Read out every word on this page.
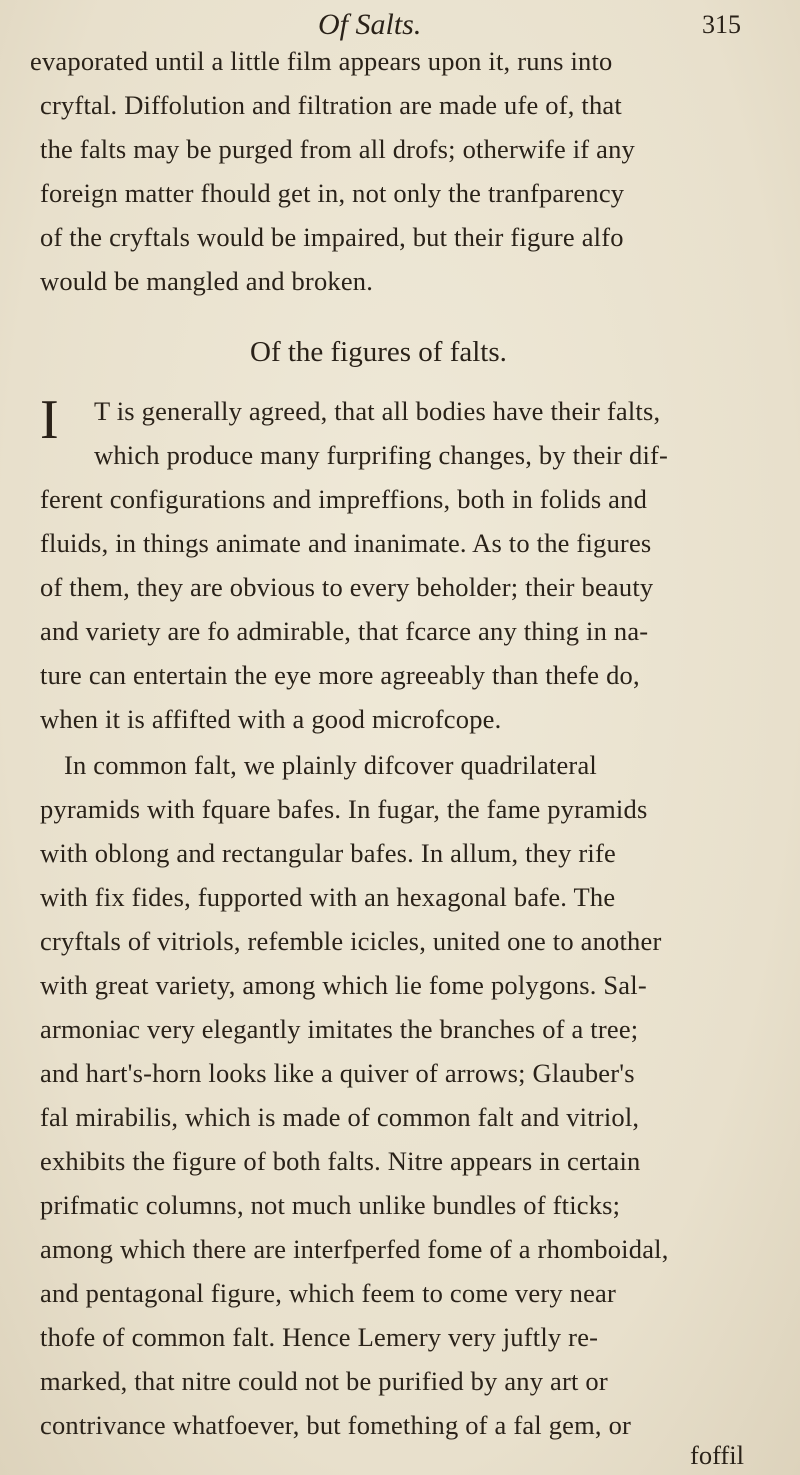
Of Salts.	315
evaporated until a little film appears upon it, runs into
cryftal. Diffolution and filtration are made ufe of, that
the falts may be purged from all drofs; otherwife if any
foreign matter fhould get in, not only the tranfparency
of the cryftals would be impaired, but their figure alfo
would be mangled and broken.
Of the figures of falts.
I T is generally agreed, that all bodies have their falts,
which produce many furprifing changes, by their dif-
ferent configurations and impreffions, both in folids and
fluids, in things animate and inanimate. As to the figures
of them, they are obvious to every beholder; their beauty
and variety are fo admirable, that fcarce any thing in na-
ture can entertain the eye more agreeably than thefe do,
when it is affifted with a good microfcope.
In common falt, we plainly difcover quadrilateral
pyramids with fquare bafes. In fugar, the fame pyramids
with oblong and rectangular bafes. In allum, they rife
with fix fides, fupported with an hexagonal bafe. The
cryftals of vitriols, refemble icicles, united one to another
with great variety, among which lie fome polygons. Sal-
armoniac very elegantly imitates the branches of a tree;
and hart's-horn looks like a quiver of arrows; Glauber's
fal mirabilis, which is made of common falt and vitriol,
exhibits the figure of both falts. Nitre appears in certain
prifmatic columns, not much unlike bundles of fticks;
among which there are interfperfed fome of a rhomboidal,
and pentagonal figure, which feem to come very near
thofe of common falt. Hence Lemery very juftly re-
marked, that nitre could not be purified by any art or
contrivance whatfoever, but fomething of a fal gem, or
foffil
